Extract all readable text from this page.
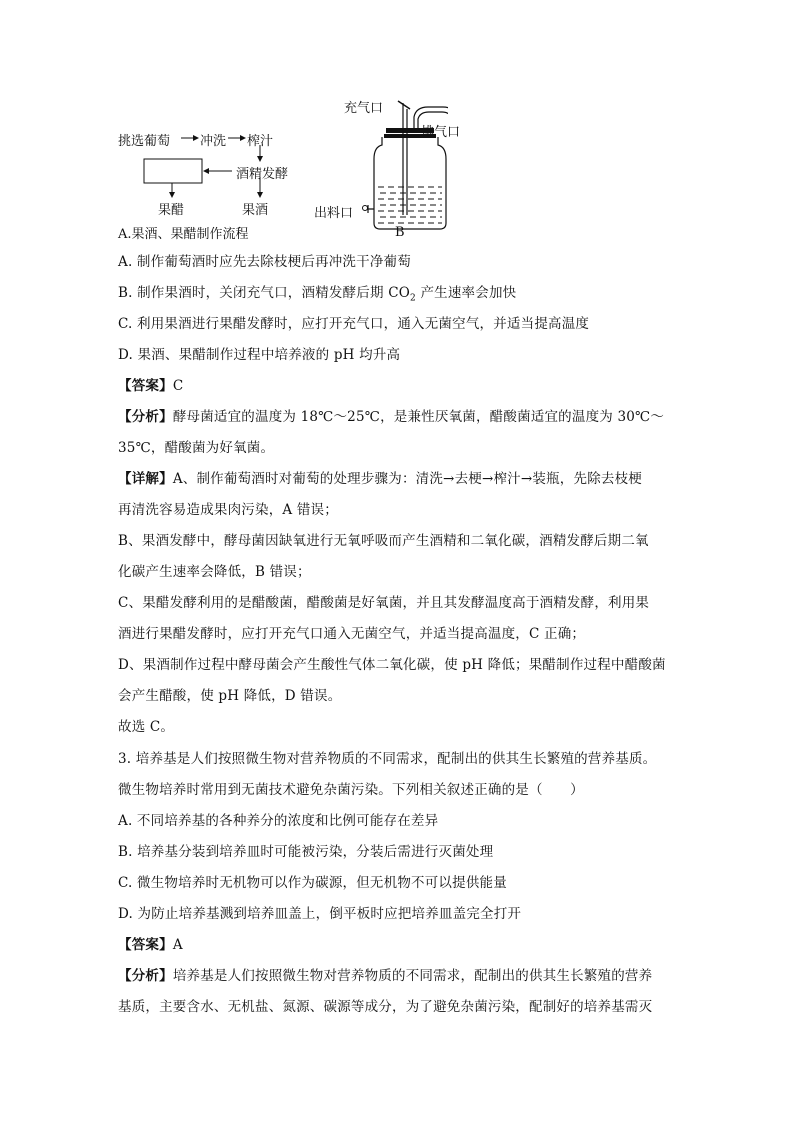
挑选葡萄 冲洗 榨汁
酒精发酵
果醋	果酒
A.果酒、果醋制作流程
充气口
排气口
出料口
B
A. 制作葡萄酒时应先去除枝梗后再冲洗干净葡萄
B. 制作果酒时，关闭充气口，酒精发酵后期 $CO_2$ 产生速率会加快
C. 利用果酒进行果醋发酵时，应打开充气口，通入无菌空气，并适当提高温度
D. 果酒、果醋制作过程中培养液的 pH 均升高
【答案】C
【分析】酵母菌适宜的温度为 18℃～25℃，是兼性厌氧菌，醋酸菌适宜的温度为 30℃～
35℃，醋酸菌为好氧菌。
【详解】A、制作葡萄酒时对葡萄的处理步骤为：清洗→去梗→榨汁→装瓶，先除去枝梗
再清洗容易造成果肉污染，A 错误；
B、果酒发酵中，酵母菌因缺氧进行无氧呼吸而产生酒精和二氧化碳，酒精发酵后期二氧
化碳产生速率会降低，B 错误；
C、果醋发酵利用的是醋酸菌，醋酸菌是好氧菌，并且其发酵温度高于酒精发酵，利用果
酒进行果醋发酵时，应打开充气口通入无菌空气，并适当提高温度，C 正确；
D、果酒制作过程中酵母菌会产生酸性气体二氧化碳，使 pH 降低；果醋制作过程中醋酸菌
会产生醋酸，使 pH 降低，D 错误。
故选 C。
3. 培养基是人们按照微生物对营养物质的不同需求，配制出的供其生长繁殖的营养基质。
微生物培养时常用到无菌技术避免杂菌污染。下列相关叙述正确的是（　　）
A. 不同培养基的各种养分的浓度和比例可能存在差异
B. 培养基分装到培养皿时可能被污染，分装后需进行灭菌处理
C. 微生物培养时无机物可以作为碳源，但无机物不可以提供能量
D. 为防止培养基溅到培养皿盖上，倒平板时应把培养皿盖完全打开
【答案】A
【分析】培养基是人们按照微生物对营养物质的不同需求，配制出的供其生长繁殖的营养
基质，主要含水、无机盐、氮源、碳源等成分，为了避免杂菌污染，配制好的培养基需灭
